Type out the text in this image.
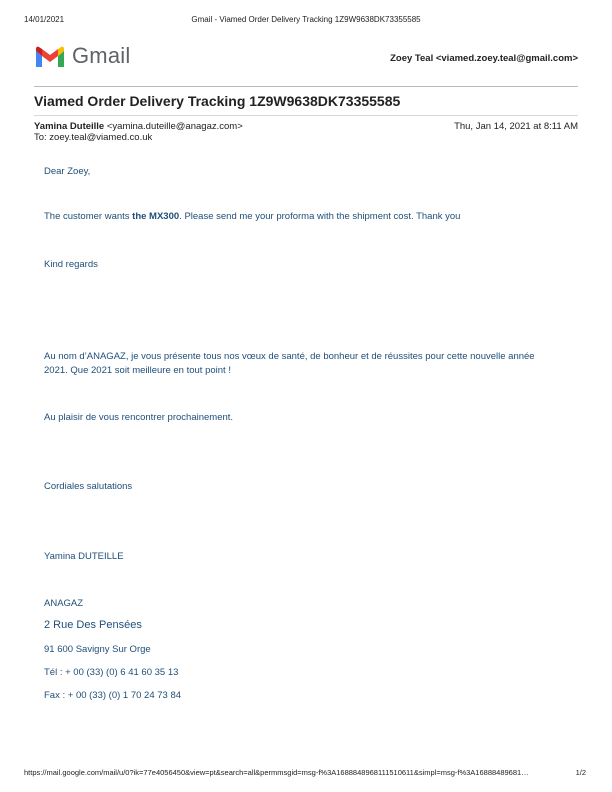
14/01/2021	Gmail - Viamed Order Delivery Tracking 1Z9W9638DK73355585
Gmail	Zoey Teal <viamed.zoey.teal@gmail.com>
Viamed Order Delivery Tracking 1Z9W9638DK73355585
Yamina Duteille <yamina.duteille@anagaz.com>	Thu, Jan 14, 2021 at 8:11 AM
To: zoey.teal@viamed.co.uk
Dear Zoey,
The customer wants the MX300. Please send me your proforma with the shipment cost. Thank you
Kind regards
Au nom d’ANAGAZ, je vous présente tous nos vœux de santé, de bonheur et de réussites pour cette nouvelle année
2021. Que 2021 soit meilleure en tout point !
Au plaisir de vous rencontrer prochainement.
Cordiales salutations
Yamina DUTEILLE
ANAGAZ
2 Rue Des Pensées
91 600 Savigny Sur Orge
Tél : + 00 (33) (0) 6 41 60 35 13
Fax : + 00 (33) (0) 1 70 24 73 84
https://mail.google.com/mail/u/0?ik=77e4056450&view=pt&search=all&permmsgid=msg-f%3A1688848968111510611&simpl=msg-f%3A16888489681…	1/2
